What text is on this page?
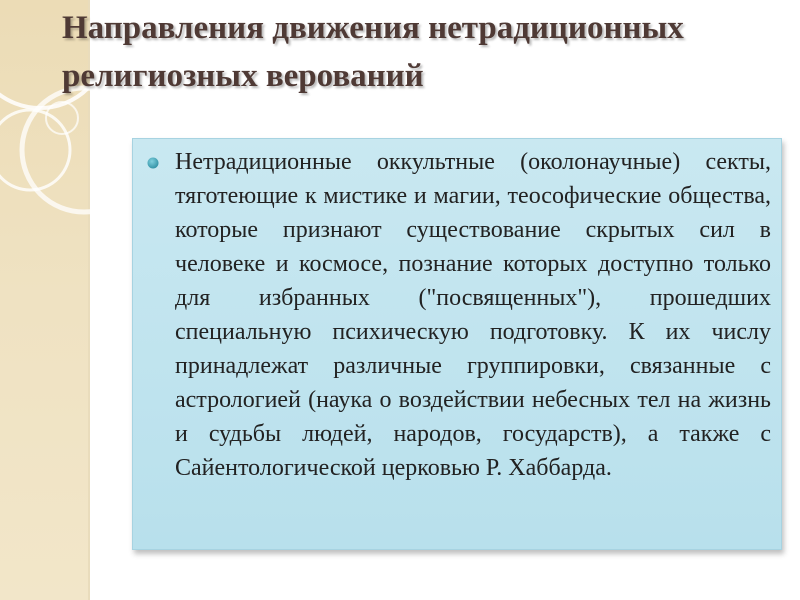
Направления движения нетрадиционных религиозных верований

Нетрадиционные оккультные (околонаучные) секты, тяготеющие к мистике и магии, теософические общества, которые признают существование скрытых сил в человеке и космосе, познание которых доступно только для избранных ("посвященных"), прошедших специальную психическую подготовку. К их числу принадлежат различные группировки, связанные с астрологией (наука о воздействии небесных тел на жизнь и судьбы людей, народов, государств), а также с Сайентологической церковью Р. Хаббарда.
